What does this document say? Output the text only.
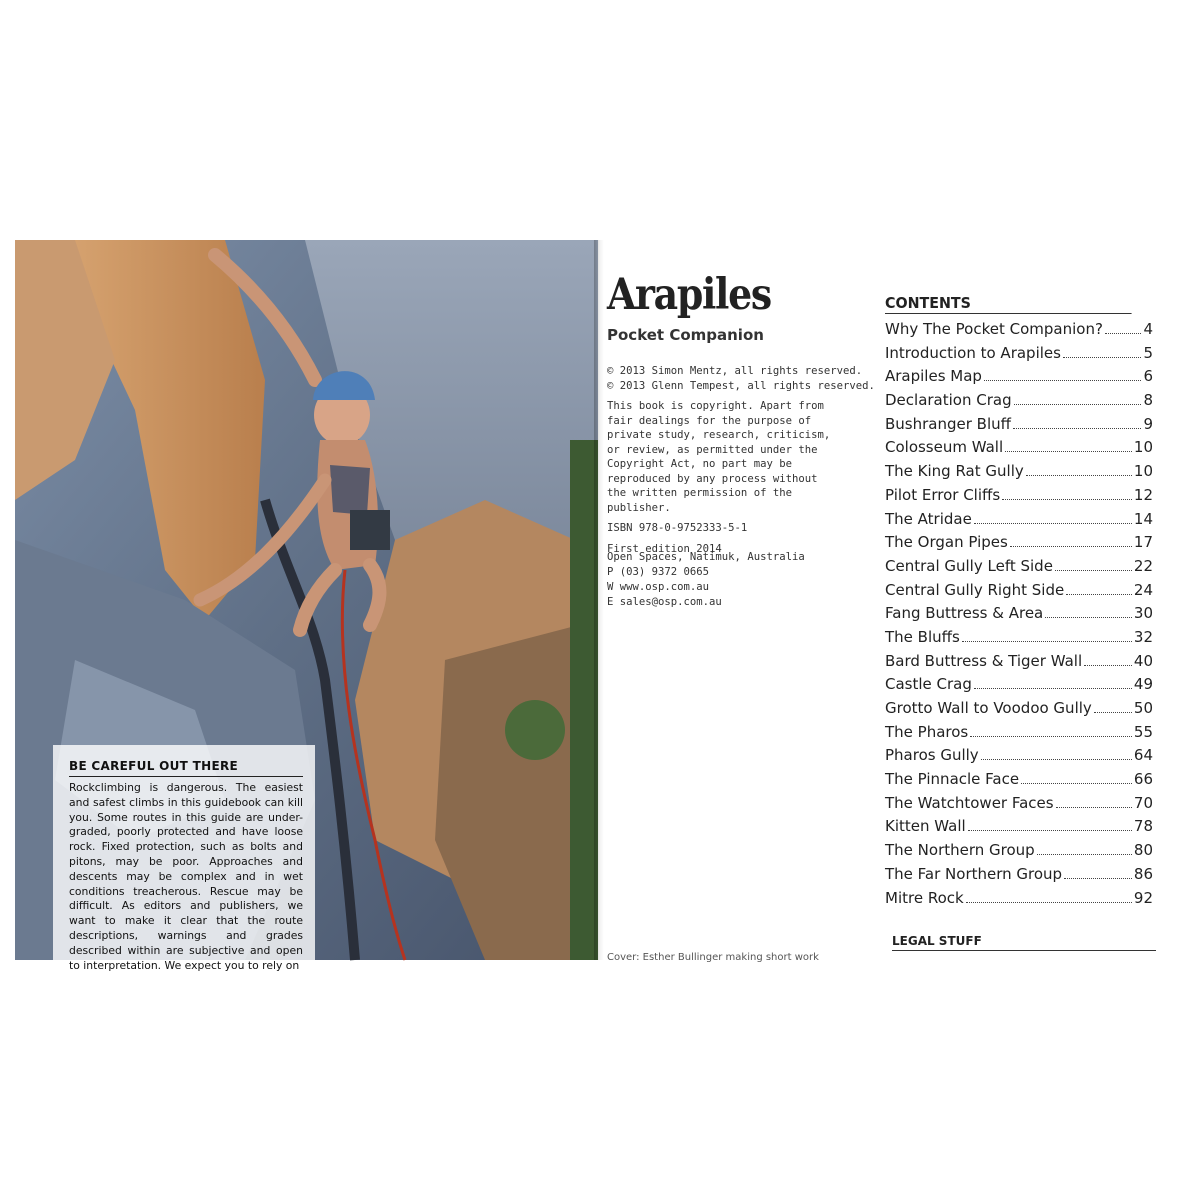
BE CAREFUL OUT THERE

Rockclimbing is dangerous. The easiest and safest climbs in this guidebook can kill you. Some routes in this guide are under-graded, poorly protected and have loose rock. Fixed protection, such as bolts and pitons, may be poor. Approaches and descents may be complex and in wet conditions treacherous. Rescue may be difficult. As editors and publishers, we want to make it clear that the route descriptions, warnings and grades described within are subjective and open to interpretation. We expect you to rely on

Arapiles
Pocket Companion
© 2013 Simon Mentz, all rights reserved.
© 2013 Glenn Tempest, all rights reserved.
This book is copyright. Apart from fair dealings for the purpose of private study, research, criticism, or review, as permitted under the Copyright Act, no part may be reproduced by any process without the written permission of the publisher.
ISBN 978-0-9752333-5-1
First edition 2014
Open Spaces, Natimuk, Australia
P (03) 9372 0665
W www.osp.com.au
E sales@osp.com.au
Cover: Esther Bullinger making short work
CONTENTS
Why The Pocket Companion?	4
Introduction to Arapiles	5
Arapiles Map	6
Declaration Crag	8
Bushranger Bluff	9
Colosseum Wall	10
The King Rat Gully	10
Pilot Error Cliffs	12
The Atridae	14
The Organ Pipes	17
Central Gully Left Side	22
Central Gully Right Side	24
Fang Buttress & Area	30
The Bluffs	32
Bard Buttress & Tiger Wall	40
Castle Crag	49
Grotto Wall to Voodoo Gully	50
The Pharos	55
Pharos Gully	64
The Pinnacle Face	66
The Watchtower Faces	70
Kitten Wall	78
The Northern Group	80
The Far Northern Group	86
Mitre Rock	92
LEGAL STUFF
